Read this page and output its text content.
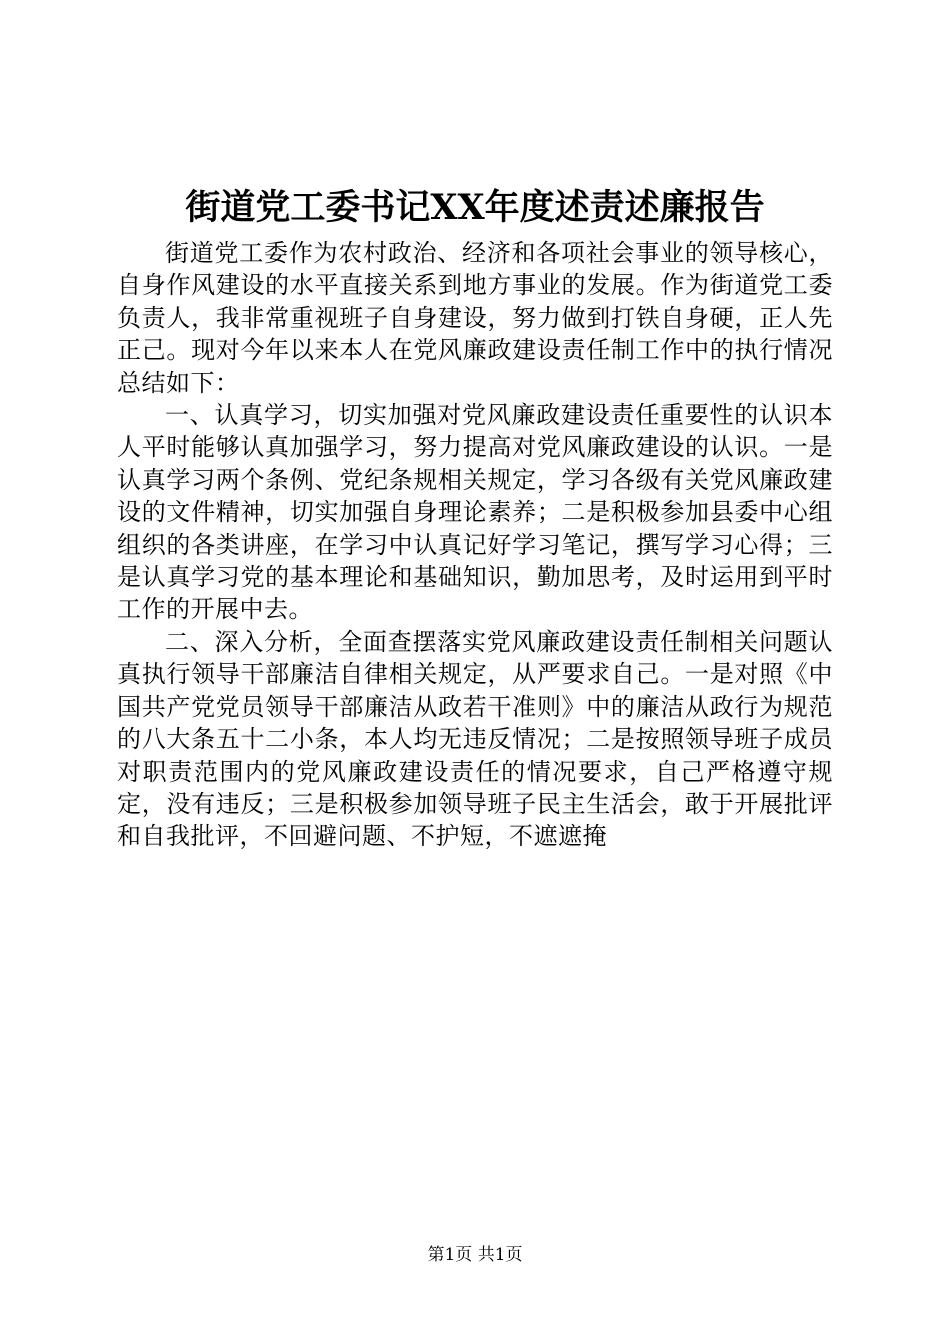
街道党工委书记XX年度述责述廉报告

街道党工委作为农村政治、经济和各项社会事业的领导核心，自身作风建设的水平直接关系到地方事业的发展。作为街道党工委负责人，我非常重视班子自身建设，努力做到打铁自身硬，正人先正己。现对今年以来本人在党风廉政建设责任制工作中的执行情况总结如下：

一、认真学习，切实加强对党风廉政建设责任重要性的认识本人平时能够认真加强学习，努力提高对党风廉政建设的认识。一是认真学习两个条例、党纪条规相关规定，学习各级有关党风廉政建设的文件精神，切实加强自身理论素养；二是积极参加县委中心组组织的各类讲座，在学习中认真记好学习笔记，撰写学习心得；三是认真学习党的基本理论和基础知识，勤加思考，及时运用到平时工作的开展中去。

二、深入分析，全面查摆落实党风廉政建设责任制相关问题认真执行领导干部廉洁自律相关规定，从严要求自己。一是对照《中国共产党党员领导干部廉洁从政若干准则》中的廉洁从政行为规范的八大条五十二小条，本人均无违反情况；二是按照领导班子成员对职责范围内的党风廉政建设责任的情况要求，自己严格遵守规定，没有违反；三是积极参加领导班子民主生活会，敢于开展批评和自我批评，不回避问题、不护短，不遮遮掩

第1页 共1页
